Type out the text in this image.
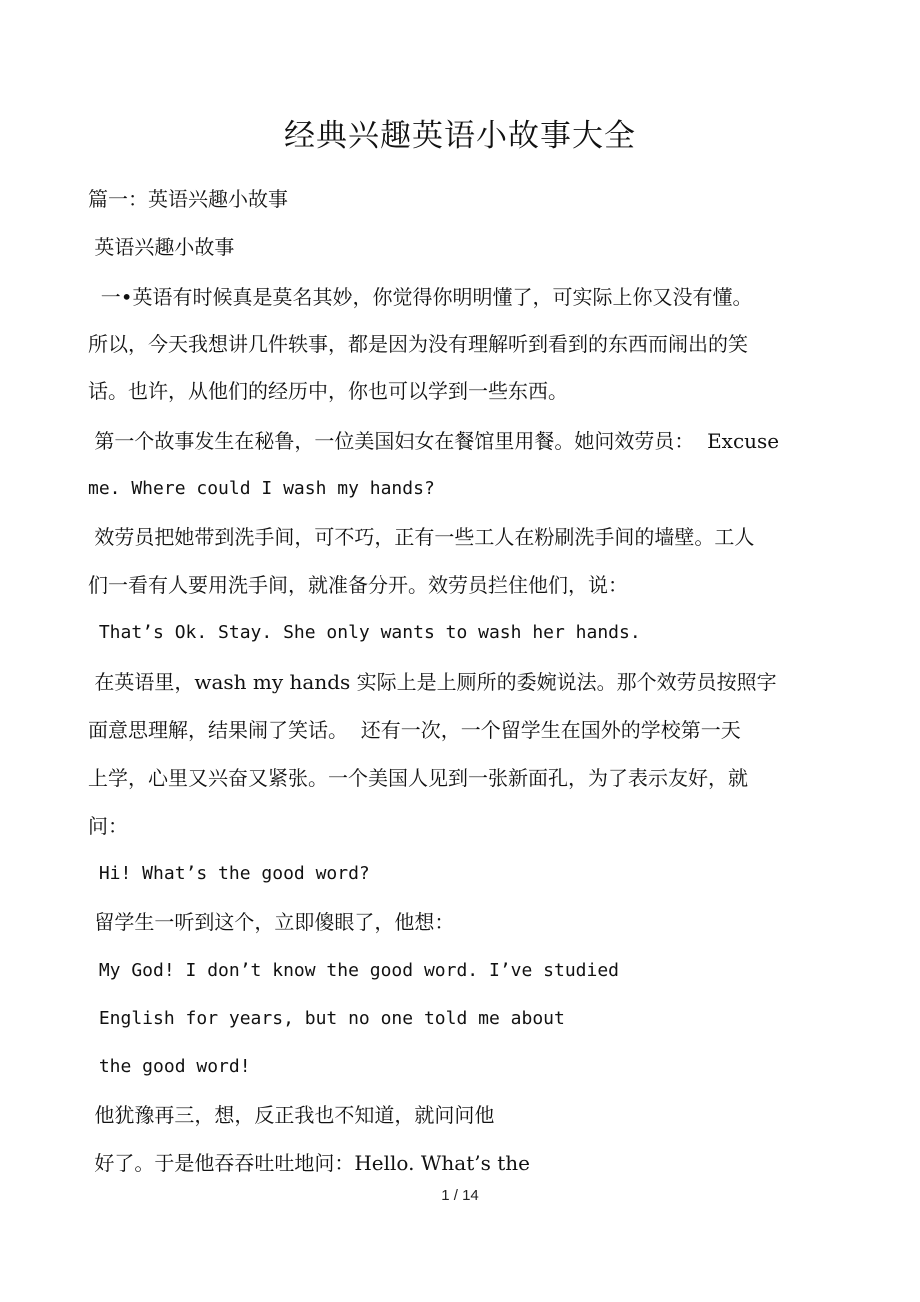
经典兴趣英语小故事大全
篇一：英语兴趣小故事
英语兴趣小故事
一•英语有时候真是莫名其妙，你觉得你明明懂了，可实际上你又没有懂。
所以，今天我想讲几件轶事，都是因为没有理解听到看到的东西而闹出的笑
话。也许，从他们的经历中，你也可以学到一些东西。
第一个故事发生在秘鲁，一位美国妇女在餐馆里用餐。她问效劳员：  Excuse
me. Where could I wash my hands?
效劳员把她带到洗手间，可不巧，正有一些工人在粉刷洗手间的墙壁。工人
们一看有人要用洗手间，就准备分开。效劳员拦住他们，说：
That’s Ok. Stay. She only wants to wash her hands.
在英语里，wash my hands 实际上是上厕所的委婉说法。那个效劳员按照字
面意思理解，结果闹了笑话。  还有一次，一个留学生在国外的学校第一天
上学，心里又兴奋又紧张。一个美国人见到一张新面孔，为了表示友好，就
问：
Hi! What’s the good word?
留学生一听到这个，立即傻眼了，他想：
My God! I don’t know the good word. I’ve studied
English for years, but no one told me about
the good word!
他犹豫再三，想，反正我也不知道，就问问他
好了。于是他吞吞吐吐地问：Hello. What’s the
1 / 14
